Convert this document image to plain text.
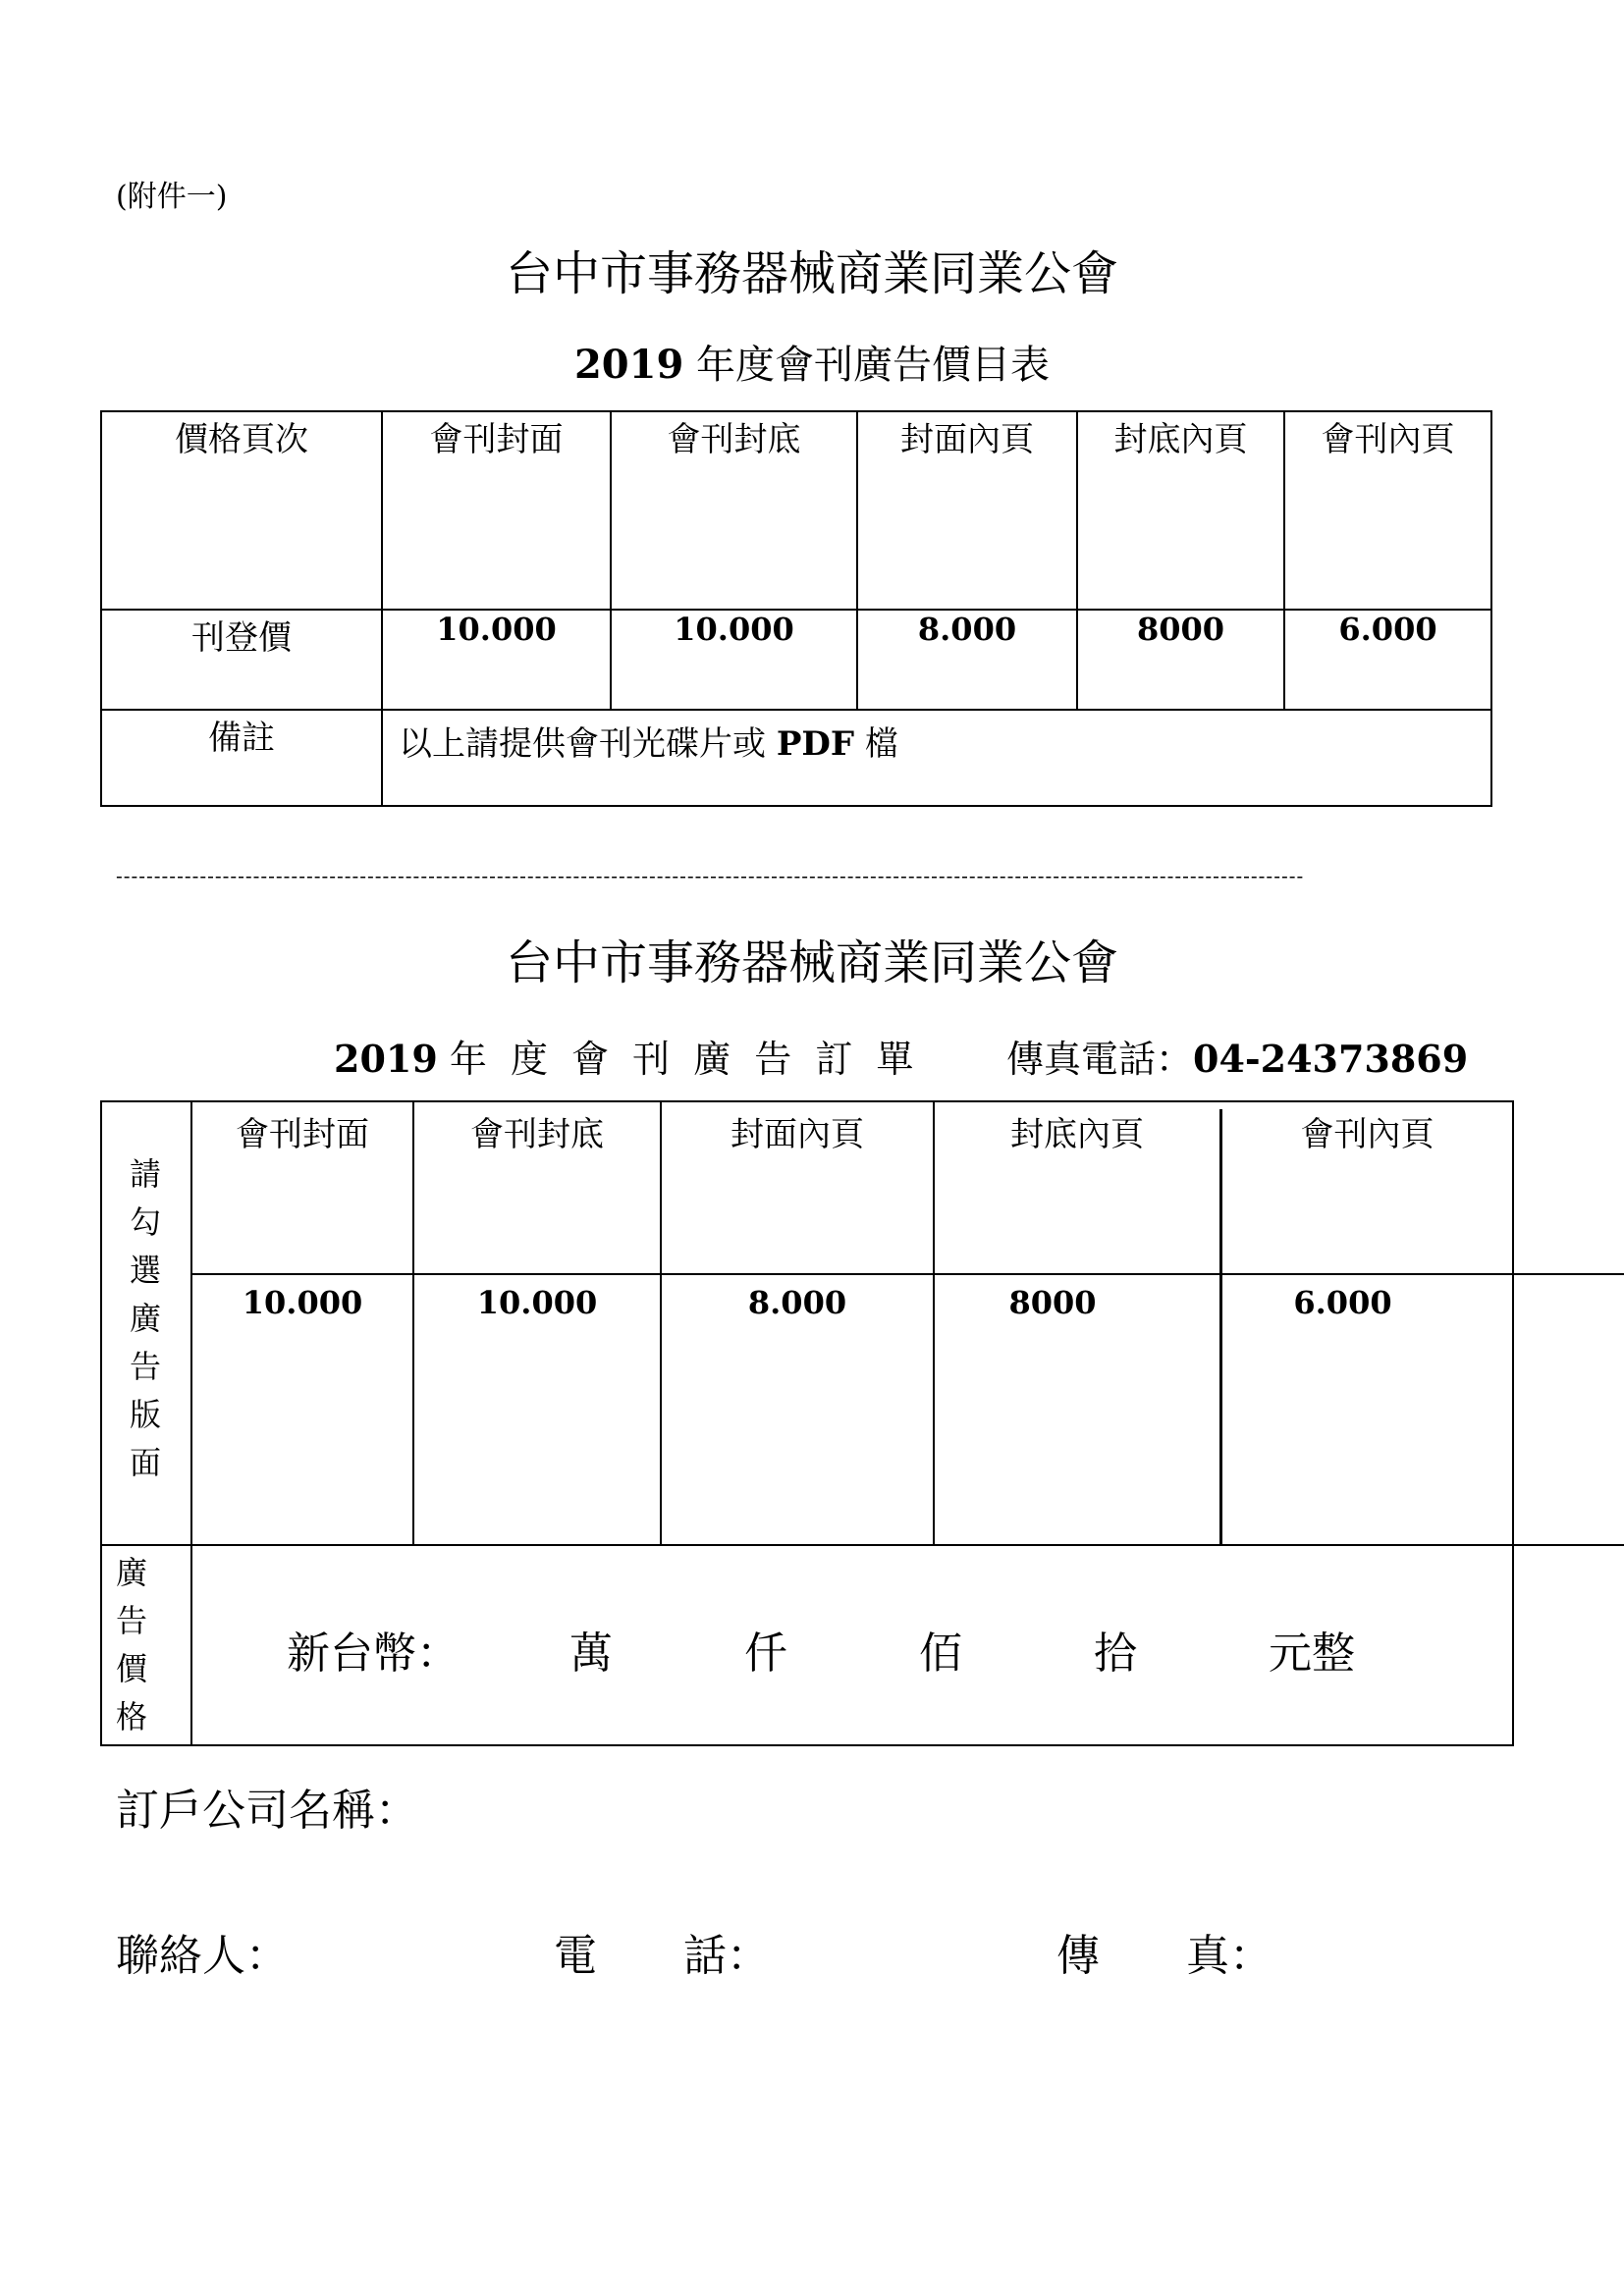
(附件一)
台中市事務器械商業同業公會
2019 年度會刊廣告價目表
價格頁次	會刊封面	會刊封底	封面內頁	封底內頁	會刊內頁
刊登價	10.000	10.000	8.000	8000	6.000
備註	以上請提供會刊光碟片或 PDF 檔				
------------------------------------------------------------------------------------------------------------------------------------------------------------
台中市事務器械商業同業公會
2019 年 度 會 刊 廣 告 訂 單 傳真電話：04-24373869
請勾選廣告版面
會刊封面	會刊封底	封面內頁	封底內頁	會刊內頁
10.000	10.000	8.000	8000	6.000
廣告價格
新台幣：	萬	仟	佰	拾	元整
訂戶公司名稱：
聯絡人：	電　　話：	傳　　真：
